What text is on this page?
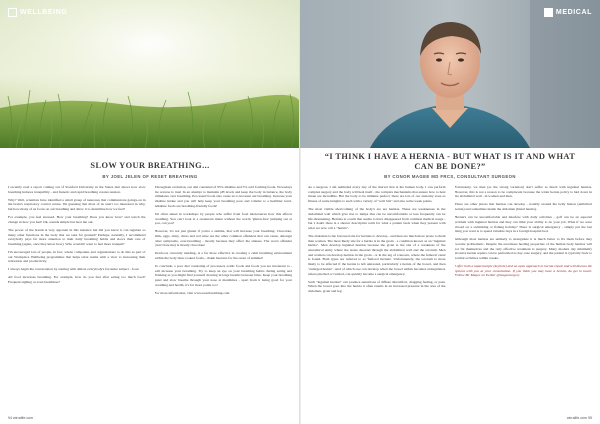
WELLBEING
SLOW YOUR BREATHING...
BY JOEL JELEN OF RESET BREATHING

I recently read a report coming out of Stanford University in the States that shows how slow breathing induces tranquillity - and frenetic and rapid breathing creates tension.

Why? Well, scientists have identified a small group of neurones that communicate goings-on in the brain's respiratory control centre. I'm guessing that most of us aren't too interested in why, but how many of us focus on our breathing and allow it to determine how we feel?

For example, you feel stressed. How your breathing? Does you know how? and watch the change in how you feel! Ok, sounds simple but bear me out.

The power of the breath is very apparent in this instance but did you know it can regulate so many other functions in the body that we take for granted? Perhaps, naturally, I recommend everybody pays far more attention to their daily breathing habits and slows their rate of breathing (again, once they know how). Who wouldn't want to feel more tranquil?

I'm encouraged lots of people, in fact, whole companies and organisations to do this as part of our Workplace Wellbeing programmes that helps relax teams with a view to increasing their relaxation and productivity.

I always begin the conversation by starting with almost everybody's favourite subject - food.

All food increases breathing. For example, how do you feel after eating too much food? Frequent sighing or even breathless?

Throughout evolution, our diet consisted of 95% alkaline and 5% acid forming foods. Nowadays the reverse is true! In an attempt to maintain pH levels and keep the body in balance, the body stimulates over breathing. Processed foods also cause us to increase our breathing. Increase your alkaline intake and you will help keep your breathing pace and volume to a healthier level. Alkaline foods are breathing-friendly foods!

I'm often asked in workshops by people who suffer from food intolerances how this affects breathing. You can't look at a restaurant menu without the words 'gluten-free' jumping out at you, can you?

However, it's not just gluten if you're a asthma, that will increase your breathing. Chocolate, milk, eggs, dairy, citrus and red wine are the other common offenders that can cause, amongst other symptoms, over-breathing - mostly because they affect the sinuses. The worst offender (don't hate me) is mostly chocolate!

Rawfood, currently trending, is a far more effective in creating a calm breathing environment within the body than cooked foods... thank heavens for the onset of summer!

To conclude, a poor diet consisting of processed, acidic foods and foods you are intolerant to - will increase your breathing. Try to keep an eye on your breathing habits during eating and drinking as you might find yourself drawing in large breaths between bites. Keep your breathing quiet and slow breathe through your nose at mealtimes - apart from it being good for your breathing and health, it's far more polite too!

For more information, visit www.resetbreathing.com

94 wirralife.com
MEDICAL
“I THINK I HAVE A HERNIA - BUT WHAT IS IT AND WHAT CAN BE DONE?”
BY CONOR MAGEE MD FRCS, CONSULTANT SURGEON

As a surgeon, I am reminded every day of the marvel that is the human body. I can perform complex surgery and the body will heal itself - the complex mechanisms that ensure how to heal tissue are incredible. But the body to be immune perfect; there are lots of our anatomy even as fitness of some insights to such with a variety of "wall bits" and also some weak points.

The most visible shortcoming of the body's are are hernias. These are weaknesses in the abdominal wall which give rise to lumps that can be uncomfortable or less frequently can be life-threatening. Hernias is a term that seems to have disappeared from common medical usage - but I doubt there is a shorter descriptive term for what a patient feels when they present with what we now call a "hernia".

The abdomen is the favoured site for hernias to develop - and men are much more prone to them than women. The most likely site for a hernia is in the groin - a condition known as an "inguinal hernia". Men develop inguinal hernias because the groin is the site of a weakness of the anatomical entity where the testes descend through the abdominal wall and the scrotum. Men and women can develop hernias in the groin - or in the leg of a known, where the femoral canal is found. Both types are referred to as 'femoral hernias'. Unfortunately, the scrotum is more likely to be affected if the hernia is left untreated, particularly a hernia of the bowel, and then "enlarged hernia". And of which one can develop when the bowel within becomes strangulated, where pinched or twisted, can quickly become a surgical emergency.

Such "inguinal hernias" can produce sensations of diffuse discomfort, dragging feeling, or pain. When the bowel goes into the hernia it often results in an increased pressure in the area of the abdomen, groin and leg.

Fortunately, we men (as the strong variation) don't suffer as much with inguinal hernias. However, this is not a reason to be complacent because the wider hernia policy is laid down in the abdominal wall - in women and men.

There are other places that hernias can develop - notably around the belly button (umbilical hernia) and sometimes inside the abdomen (hiatal hernia).

Hernia's can be uncomfortable and interfere with daily activities - golf can be an especial problem with inguinal hernias and they can limit your ability to do your job. What if we were abroad on a swimming or fishing holiday? There is surgical emergency - simply put the last thing you want is to spend valuable days in a foreign hospital bed.

Although most hernias are unlikely to strangulate it is much better to fix them before they become problematic. Despite the enormous healing properties of the human body hernias will not fix themselves and the only effective treatment is surgery. Many modern day minimally invasive hernia repairs can be performed as day-case surgery, and the patient is typically back to normal activities within weeks.

I offer both a laparoscopic (keyhole) and an open approach to hernia repair and will discuss the options with you at your consultation. If you think you may have a hernia, do get in touch. Follow Mr Magee on Twitter @mageesurgery

wirralife.com 95
